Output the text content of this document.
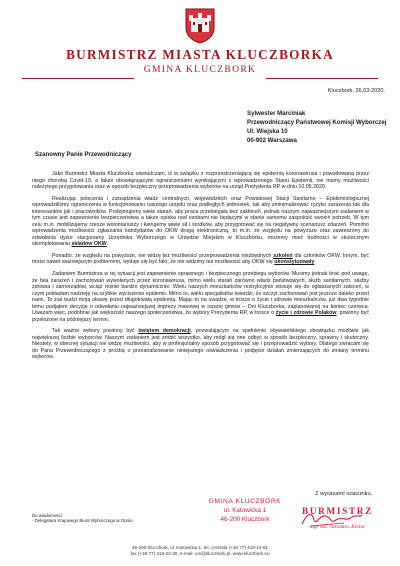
BURMISTRZ MIASTA KLUCZBORKA
GMINA KLUCZBORK
Kluczbork, 26.03.2020.
Sylwester Marciniak
Przewodniczący Państwowej Komisji Wyborczej
Ul. Wiejska 10
00-902 Warszawa
Szanowny Panie Przewodniczący

Jako Burmistrz Miasta Kluczborka oświadczam, iż w związku z rozprzestrzeniającą się epidemią koronawirusa i powodowaną przez niego chorobą Covid-19, a także obowiązującymi ograniczeniami wynikającymi z wprowadzonego Stanu Epidemii, nie mamy możliwości należytego przygotowania oraz w sposób bezpieczny przeprowadzenia wyborów na urząd Prezydenta RP w dniu 10.05.2020.

Realizując polecenia i zarządzenia władz centralnych, wojewódzkich oraz Powiatowej Stacji Sanitarno – Epidemiologicznej wprowadziliśmy ograniczenia w funkcjonowaniu naszego urzędu oraz podległych jednostek, tak aby zminimalizować ryzyko zarażenia tak dla interesantów jak i pracowników. Podejmujemy wiele starań, aby praca przebiegała bez zakłóceń, jednak naszym najważniejszym zadaniem w tym czasie jest zapewnienie bezpieczeństwa a także opieka nad osobami nie będącymi w stanie samemu zaspokoić swoich potrzeb. W tym celu m.in. mobilizujemy rzesze wolontariuszy i kierujemy wiele sił i środków, aby przygotować się na negatywny scenariusz zdarzeń. Pomimo wprowadzenia możliwości zgłaszania kandydatów do OKW drogą elektroniczną, to m.in. ze względu na powyższe oraz zawieszony do odwołania dyżur stacjonarny Urzędnika Wyborczego w Urzędzie Miejskim w Kluczborku, możemy mieć trudności w skutecznym skompletowaniu składów OKW.

Ponadto, ze względu na powyższe, nie widzę też możliwości przeprowadzenia niezbędnych szkoleń dla członków OKW. Innym, być może nawet ważniejszym problemem, wydaje się być fakt, że nie widzimy też możliwości aby OKW się ukonstytuowały.

Zadaniem Burmistrza w tej sytuacji jest zapewnienie sprawnego i bezpiecznego przebiegu wyborów. Musimy jednak brać pod uwagę, że fala zarażeń i zachorowań wywołanych przez koronawirusa, mimo wielu starań zarówno władz państwowych, służb sanitarnych, służby zdrowia i samorządów, wciąż rośnie bardzo dynamicznie. Wielu naszych mieszkańców restrykcyjnie stosuje się do ogłaszanych zaleceń, w czym pokładam nadzieję na szybkie wyciszenie epidemii. Mimo to, wielu specjalistów twierdzi, że szczyt zachorowań jest jeszcze daleko przed nami. To zaś budzi moją obawę przed długotrwałą epidemią. Mając to na uwadze, w trosce o życie i zdrowie mieszkańców, już dwa tygodnie temu podjąłem decyzję o odwołaniu najważniejszej imprezy masowej w naszej gminie – Dni Kluczborka, zaplanowanej na koniec czerwca. Uważam więc, podobnie jak większość naszego społeczeństwa, że wybory Prezydenta RP, w trosce o życie i zdrowie Polaków, powinny być przełożone na późniejszy termin.

Tak ważne wybory powinny być świętem demokracji, pozwalającym na spełnienie obywatelskiego obowiązku możliwie jak największej liczbie wyborców. Naszym zadaniem jest zrobić wszystko, aby mógł się one odbyć w sposób bezpieczny, sprawny i skuteczny. Niestety, w obecnej sytuacji nie widzę możliwości, aby w profesjonalny sposób przygotować się i przeprowadzić wybory. Dlatego zwracam się do Pana Przewodniczącego z prośbą o przeanalizowanie niniejszego oświadczenia i podjęcie działań zmierzających do zmiany terminu wyborów.

Z wyrazami szacunku,
GMINA KLUCZBORK
ul. Katowicka 1
46-200 Kluczbork
BURMISTRZ
mgr inż. Jarosław Kielar
Do wiadomości:
- Delegatura Krajowego Biura Wyborczego w Opolu
46-200 Kluczbork, ul. Katowicka 1, tel. centrala (+48 77) 418-14-81
fax (+48 77) 418-22-30, e-mail: um@kluczbork.pl, www.kluczbork.eu
